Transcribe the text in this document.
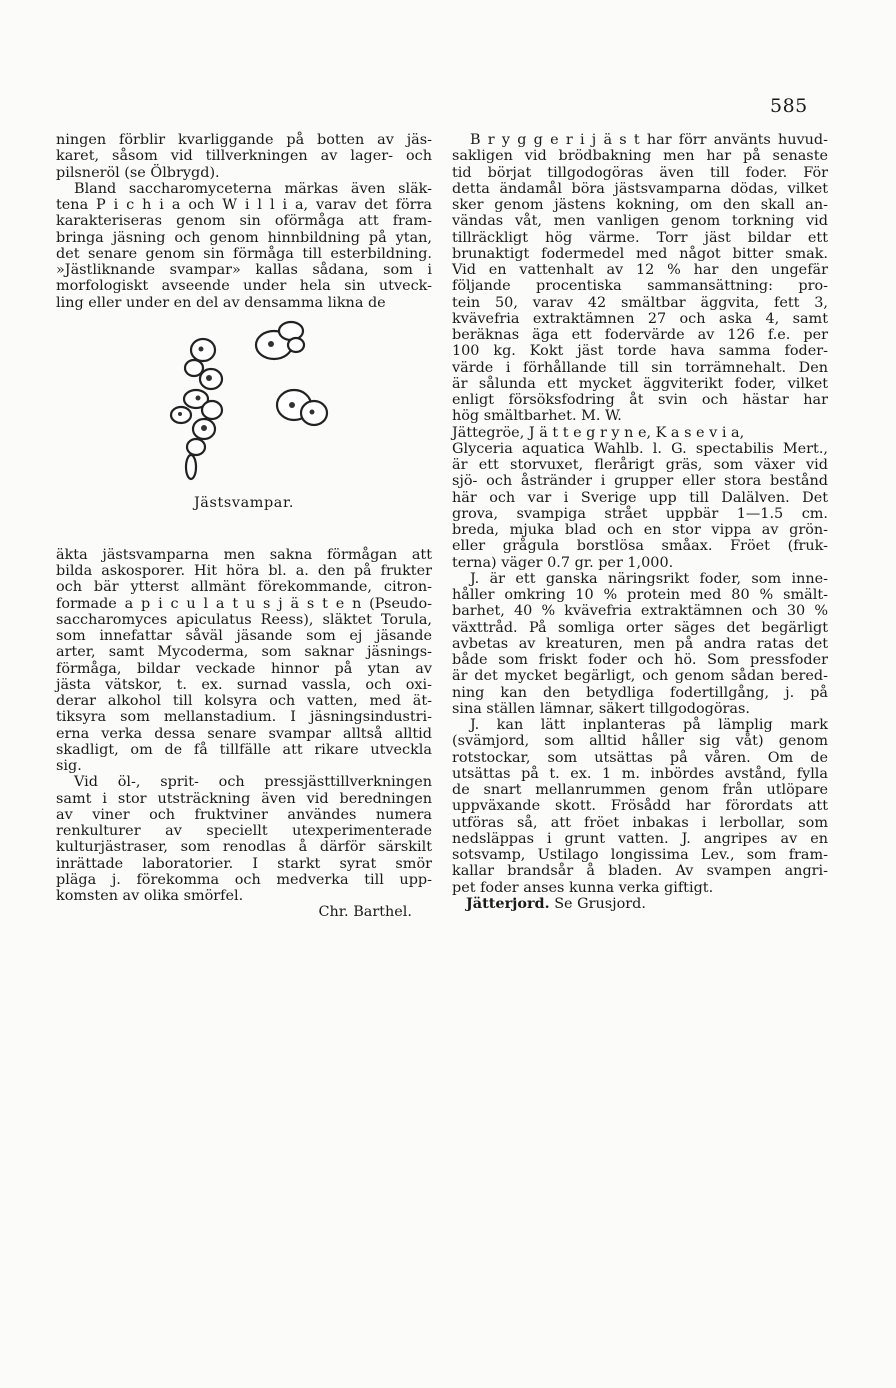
585
ningen förblir kvarliggande på botten av jäs-
karet, såsom vid tillverkningen av lager- och
pilsneröl (se Ölbrygd).
Bland saccharomyceterna märkas även släk-
tena P i c h i a och W i l l i a, varav det förra
karakteriseras genom sin oförmåga att fram-
bringa jäsning och genom hinnbildning på ytan,
det senare genom sin förmåga till esterbildning.
»Jästliknande svampar» kallas sådana, som i
morfologiskt avseende under hela sin utveck-
ling eller under en del av densamma likna de
Jästsvampar.
äkta jästsvamparna men sakna förmågan att
bilda askosporer. Hit höra bl. a. den på frukter
och bär ytterst allmänt förekommande, citron-
formade a p i c u l a t u s j ä s t e n (Pseudo-
saccharomyces apiculatus Reess), släktet Torula,
som innefattar såväl jäsande som ej jäsande
arter, samt Mycoderma, som saknar jäsnings-
förmåga, bildar veckade hinnor på ytan av
jästa vätskor, t. ex. surnad vassla, och oxi-
derar alkohol till kolsyra och vatten, med ät-
tiksyra som mellanstadium. I jäsningsindustri-
erna verka dessa senare svampar alltså alltid
skadligt, om de få tillfälle att rikare utveckla
sig.
Vid öl-, sprit- och pressjästtillverkningen
samt i stor utsträckning även vid beredningen
av viner och fruktviner användes numera
renkulturer av speciellt utexperimenterade
kulturjästraser, som renodlas å därför särskilt
inrättade laboratorier. I starkt syrat smör
pläga j. förekomma och medverka till upp-
komsten av olika smörfel.
Chr. Barthel.
B r y g g e r i j ä s t har förr använts huvud-
sakligen vid brödbakning men har på senaste
tid börjat tillgodogöras även till foder. För
detta ändamål böra jästsvamparna dödas, vilket
sker genom jästens kokning, om den skall an-
vändas våt, men vanligen genom torkning vid
tillräckligt hög värme. Torr jäst bildar ett
brunaktigt fodermedel med något bitter smak.
Vid en vattenhalt av 12 % har den ungefär
följande procentiska sammansättning: pro-
tein 50, varav 42 smältbar äggvita, fett 3,
kvävefria extraktämnen 27 och aska 4, samt
beräknas äga ett fodervärde av 126 f.e. per
100 kg. Kokt jäst torde hava samma foder-
värde i förhållande till sin torrämnehalt. Den
är sålunda ett mycket äggviterikt foder, vilket
enligt försöksfodring åt svin och hästar har
hög smältbarhet. M. W.
Jättegröe, J ä t t e g r y n e, K a s e v i a,
Glyceria aquatica Wahlb. l. G. spectabilis Mert.,
är ett storvuxet, flerårigt gräs, som växer vid
sjö- och åstränder i grupper eller stora bestånd
här och var i Sverige upp till Dalälven. Det
grova, svampiga strået uppbär 1—1.5 cm.
breda, mjuka blad och en stor vippa av grön-
eller grågula borstlösa småax. Fröet (fruk-
terna) väger 0.7 gr. per 1,000.
J. är ett ganska näringsrikt foder, som inne-
håller omkring 10 % protein med 80 % smält-
barhet, 40 % kvävefria extraktämnen och 30 %
växttråd. På somliga orter säges det begärligt
avbetas av kreaturen, men på andra ratas det
både som friskt foder och hö. Som pressfoder
är det mycket begärligt, och genom sådan bered-
ning kan den betydliga fodertillgång, j. på
sina ställen lämnar, säkert tillgodogöras.
J. kan lätt inplanteras på lämplig mark
(svämjord, som alltid håller sig våt) genom
rotstockar, som utsättas på våren. Om de
utsättas på t. ex. 1 m. inbördes avstånd, fylla
de snart mellanrummen genom från utlöpare
uppväxande skott. Frösådd har förordats att
utföras så, att fröet inbakas i lerbollar, som
nedsläppas i grunt vatten. J. angripes av en
sotsvamp, Ustilago longissima Lev., som fram-
kallar brandsår å bladen. Av svampen angri-
pet foder anses kunna verka giftigt.
Jätterjord. Se Grusjord.
